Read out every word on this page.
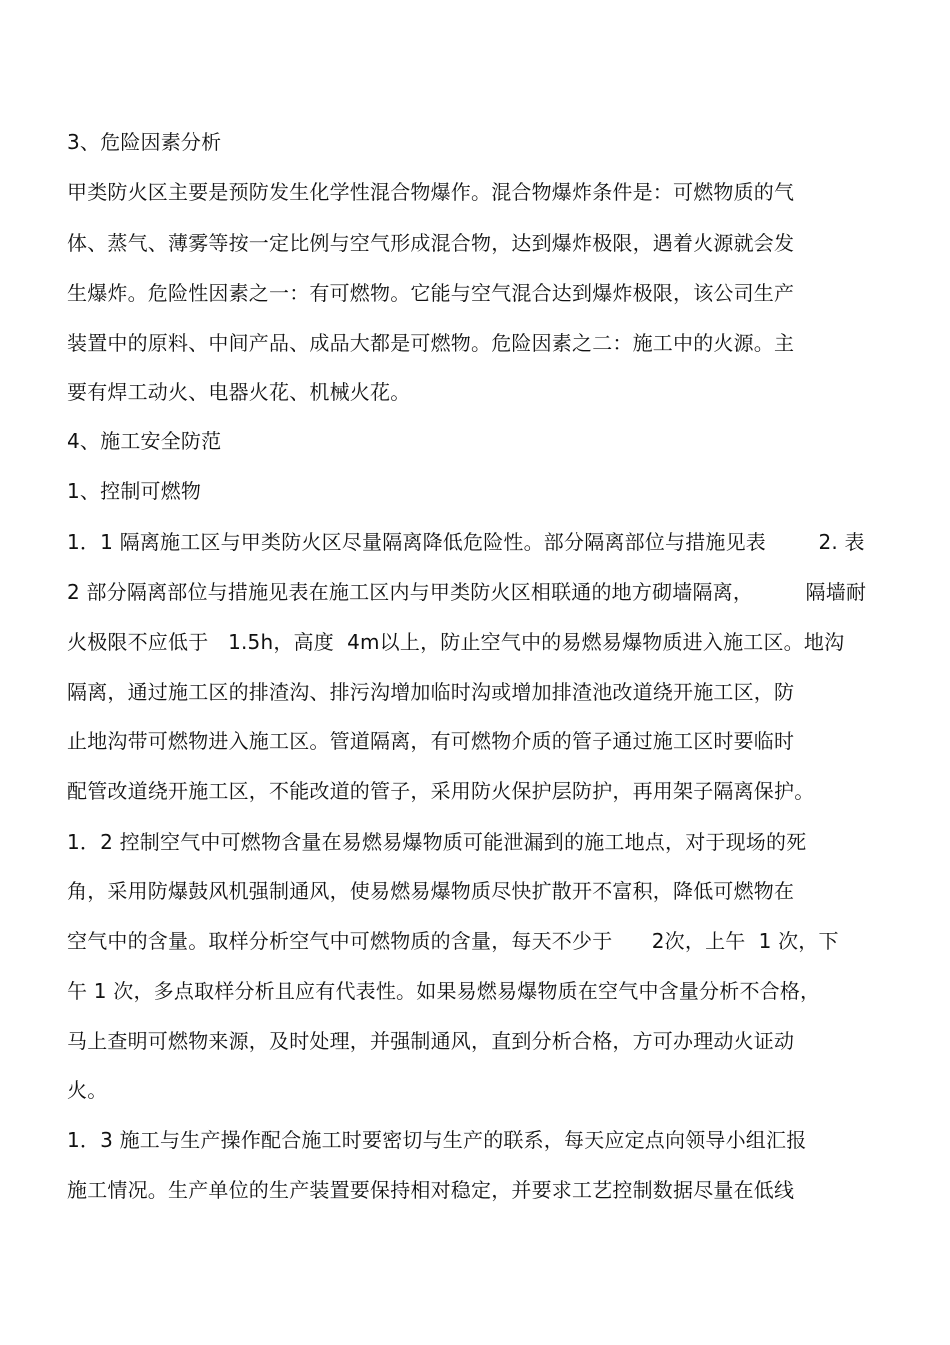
3、危险因素分析
甲类防火区主要是预防发生化学性混合物爆作。混合物爆炸条件是：可燃物质的气
体、蒸气、薄雾等按一定比例与空气形成混合物，达到爆炸极限，遇着火源就会发
生爆炸。危险性因素之一：有可燃物。它能与空气混合达到爆炸极限，该公司生产
装置中的原料、中间产品、成品大都是可燃物。危险因素之二：施工中的火源。主
要有焊工动火、电器火花、机械火花。
4、施工安全防范
1、控制可燃物
1．1 隔离施工区与甲类防火区尽量隔离降低危险性。部分隔离部位与措施见表        2. 表
2 部分隔离部位与措施见表在施工区内与甲类防火区相联通的地方砌墙隔离，        隔墙耐
火极限不应低于   1.5h，高度  4m以上，防止空气中的易燃易爆物质进入施工区。地沟
隔离，通过施工区的排渣沟、排污沟增加临时沟或增加排渣池改道绕开施工区，防
止地沟带可燃物进入施工区。管道隔离，有可燃物介质的管子通过施工区时要临时
配管改道绕开施工区，不能改道的管子，采用防火保护层防护，再用架子隔离保护。
1．2 控制空气中可燃物含量在易燃易爆物质可能泄漏到的施工地点，对于现场的死
角，采用防爆鼓风机强制通风，使易燃易爆物质尽快扩散开不富积，降低可燃物在
空气中的含量。取样分析空气中可燃物质的含量，每天不少于      2次，上午  1 次，下
午 1 次，多点取样分析且应有代表性。如果易燃易爆物质在空气中含量分析不合格，
马上查明可燃物来源，及时处理，并强制通风，直到分析合格，方可办理动火证动
火。
1．3 施工与生产操作配合施工时要密切与生产的联系，每天应定点向领导小组汇报
施工情况。生产单位的生产装置要保持相对稳定，并要求工艺控制数据尽量在低线
